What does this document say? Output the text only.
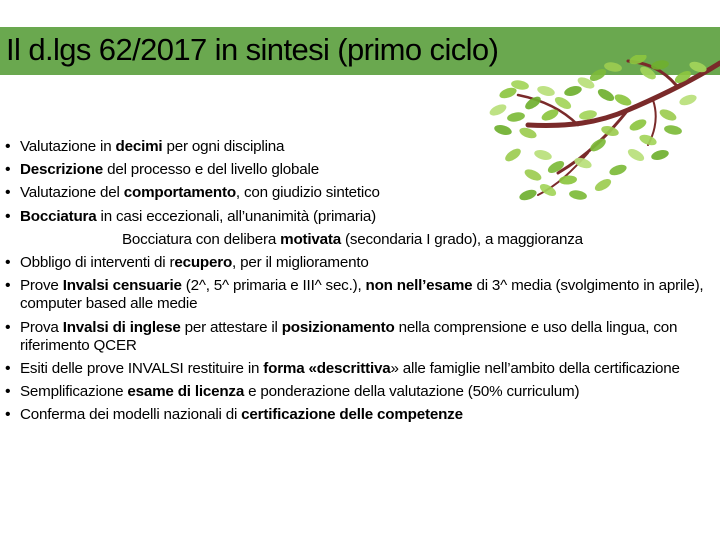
Il d.lgs 62/2017 in sintesi (primo ciclo)
• Valutazione in decimi per ogni disciplina
• Descrizione del processo e del livello globale
• Valutazione del comportamento, con giudizio sintetico
• Bocciatura in casi eccezionali, all’unanimità (primaria)
Bocciatura con delibera motivata (secondaria I grado), a maggioranza
• Obbligo di interventi di recupero, per il miglioramento
• Prove Invalsi censuarie (2^, 5^ primaria e III^ sec.), non nell’esame di 3^ media (svolgimento in aprile), computer based alle medie
• Prova Invalsi di inglese per attestare il posizionamento nella comprensione e uso della lingua, con riferimento QCER
• Esiti delle prove INVALSI restituire in forma «descrittiva» alle famiglie nell’ambito della certificazione
• Semplificazione esame di licenza e ponderazione della valutazione (50% curriculum)
• Conferma dei modelli nazionali di certificazione delle competenze
